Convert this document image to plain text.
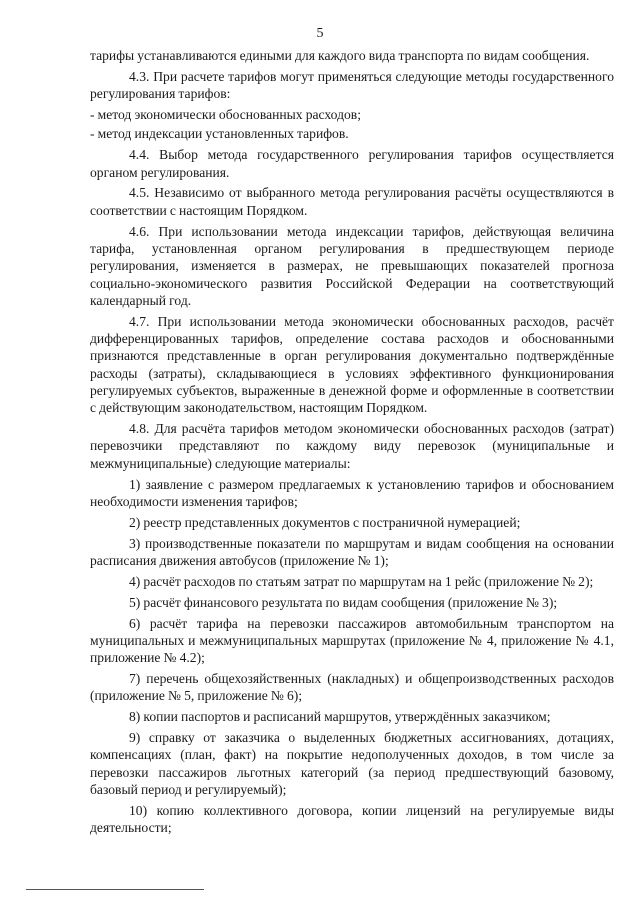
5

тарифы устанавливаются едиными для каждого вида транспорта по видам сообщения.

4.3. При расчете тарифов могут применяться следующие методы государственного регулирования тарифов:

- метод экономически обоснованных расходов;

- метод индексации установленных тарифов.

4.4. Выбор метода государственного регулирования тарифов осуществляется органом регулирования.

4.5. Независимо от выбранного метода регулирования расчёты осуществляются в соответствии с настоящим Порядком.

4.6. При использовании метода индексации тарифов, действующая величина тарифа, установленная органом регулирования в предшествующем периоде регулирования, изменяется в размерах, не превышающих показателей прогноза социально-экономического развития Российской Федерации на соответствующий календарный год.

4.7. При использовании метода экономически обоснованных расходов, расчёт дифференцированных тарифов, определение состава расходов и обоснованными признаются представленные в орган регулирования документально подтверждённые расходы (затраты), складывающиеся в условиях эффективного функционирования регулируемых субъектов, выраженные в денежной форме и оформленные в соответствии с действующим законодательством, настоящим Порядком.

4.8. Для расчёта тарифов методом экономически обоснованных расходов (затрат) перевозчики представляют по каждому виду перевозок (муниципальные и межмуниципальные) следующие материалы:

1) заявление с размером предлагаемых к установлению тарифов и обоснованием необходимости изменения тарифов;

2) реестр представленных документов с постраничной нумерацией;

3) производственные показатели по маршрутам и видам сообщения на основании расписания движения автобусов (приложение № 1);

4) расчёт расходов по статьям затрат по маршрутам на 1 рейс (приложение № 2);

5) расчёт финансового результата по видам сообщения (приложение № 3);

6) расчёт тарифа на перевозки пассажиров автомобильным транспортом на муниципальных и межмуниципальных маршрутах (приложение № 4, приложение № 4.1, приложение № 4.2);

7) перечень общехозяйственных (накладных) и общепроизводственных расходов (приложение № 5, приложение № 6);

8) копии паспортов и расписаний маршрутов, утверждённых заказчиком;

9) справку от заказчика о выделенных бюджетных ассигнованиях, дотациях, компенсациях (план, факт) на покрытие недополученных доходов, в том числе за перевозки пассажиров льготных категорий (за период предшествующий базовому, базовый период и регулируемый);

10) копию коллективного договора, копии лицензий на регулируемые виды деятельности;
